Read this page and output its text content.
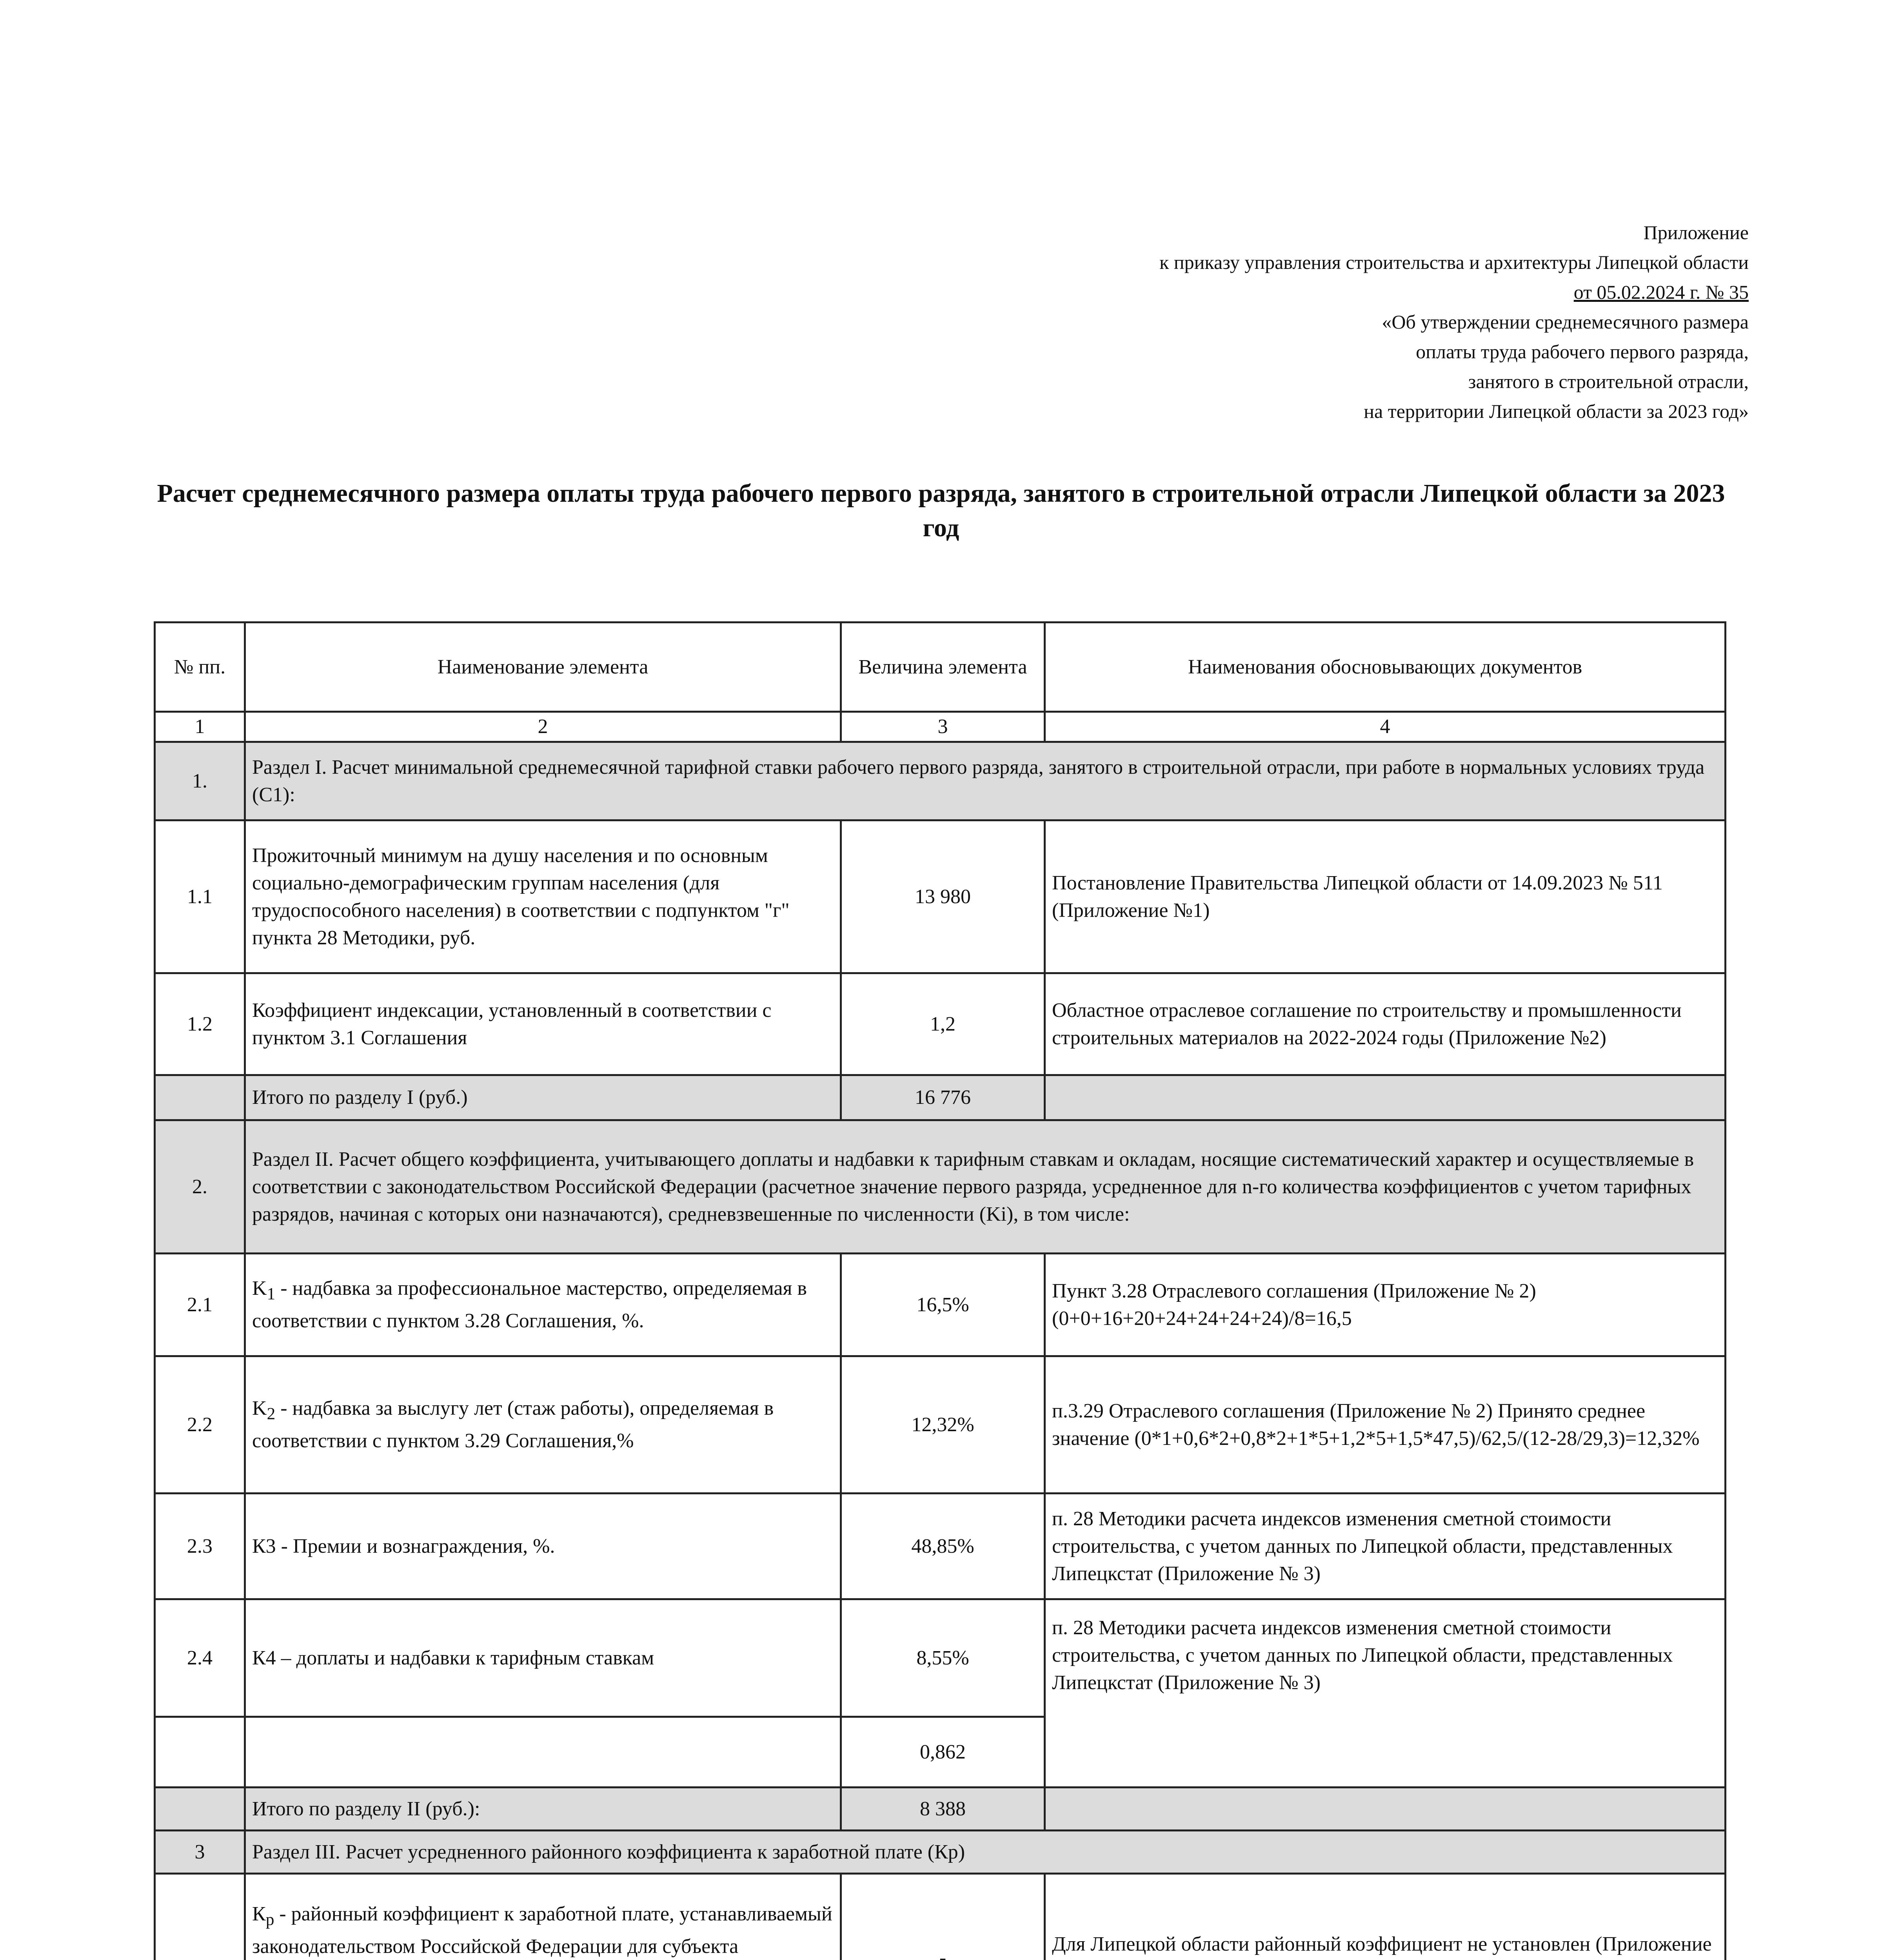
Приложение
к приказу управления строительства и архитектуры Липецкой области
от 05.02.2024 г. № 35
«Об утверждении среднемесячного размера
оплаты труда рабочего первого разряда,
занятого в строительной отрасли,
на территории Липецкой области за 2023 год»
Расчет среднемесячного размера оплаты труда рабочего первого разряда, занятого в строительной отрасли Липецкой области за 2023 год
№ пп.	Наименование элемента	Величина элемента	Наименования обосновывающих документов
1	2	3	4
1.	Раздел I. Расчет минимальной среднемесячной тарифной ставки рабочего первого разряда, занятого в строительной отрасли, при работе в нормальных условиях труда (С1):		
1.1	Прожиточный минимум на душу населения и по основным социально-демографическим группам населения (для трудоспособного населения) в соответствии с подпунктом "г" пункта 28 Методики, руб.	13 980	Постановление Правительства Липецкой области от 14.09.2023 № 511 (Приложение №1)
1.2	Коэффициент индексации, установленный в соответствии с пунктом 3.1 Соглашения	1,2	Областное отраслевое соглашение по строительству и промышленности строительных материалов на 2022-2024 годы (Приложение №2)
	Итого по разделу I (руб.)	16 776	
2.	Раздел II. Расчет общего коэффициента, учитывающего доплаты и надбавки к тарифным ставкам и окладам, носящие систематический характер и осуществляемые в соответствии с законодательством Российской Федерации (расчетное значение первого разряда, усредненное для n-го количества коэффициентов с учетом тарифных разрядов, начиная с которых они назначаются), средневзвешенные по численности (Ki), в том числе:		
2.1	$K_1$ - надбавка за профессиональное мастерство, определяемая в соответствии с пунктом 3.28 Соглашения, %.	16,5%	Пункт 3.28 Отраслевого соглашения (Приложение № 2) (0+0+16+20+24+24+24+24)/8=16,5
2.2	$K_2$ - надбавка за выслугу лет (стаж работы), определяемая в соответствии с пунктом 3.29 Соглашения,%	12,32%	п.3.29 Отраслевого соглашения (Приложение № 2) Принято среднее значение (0*1+0,6*2+0,8*2+1*5+1,2*5+1,5*47,5)/62,5/(12-28/29,3)=12,32%
2.3	К3 - Премии и вознаграждения, %.	48,85%	п. 28 Методики расчета индексов изменения сметной стоимости строительства, с учетом данных по Липецкой области, представленных Липецкстат (Приложение № 3)
2.4	К4 – доплаты и надбавки к тарифным ставкам	8,55%	п. 28 Методики расчета индексов изменения сметной стоимости строительства, с учетом данных по Липецкой области, представленных Липецкстат (Приложение № 3)
		0,862	
	Итого по разделу II (руб.):	8 388	
3	Раздел III. Расчет усредненного районного коэффициента к заработной плате (Кр)		
	$К_р$ - районный коэффициент к заработной плате, устанавливаемый законодательством Российской Федерации для субъекта	-	Для Липецкой области районный коэффициент не установлен (Приложение
